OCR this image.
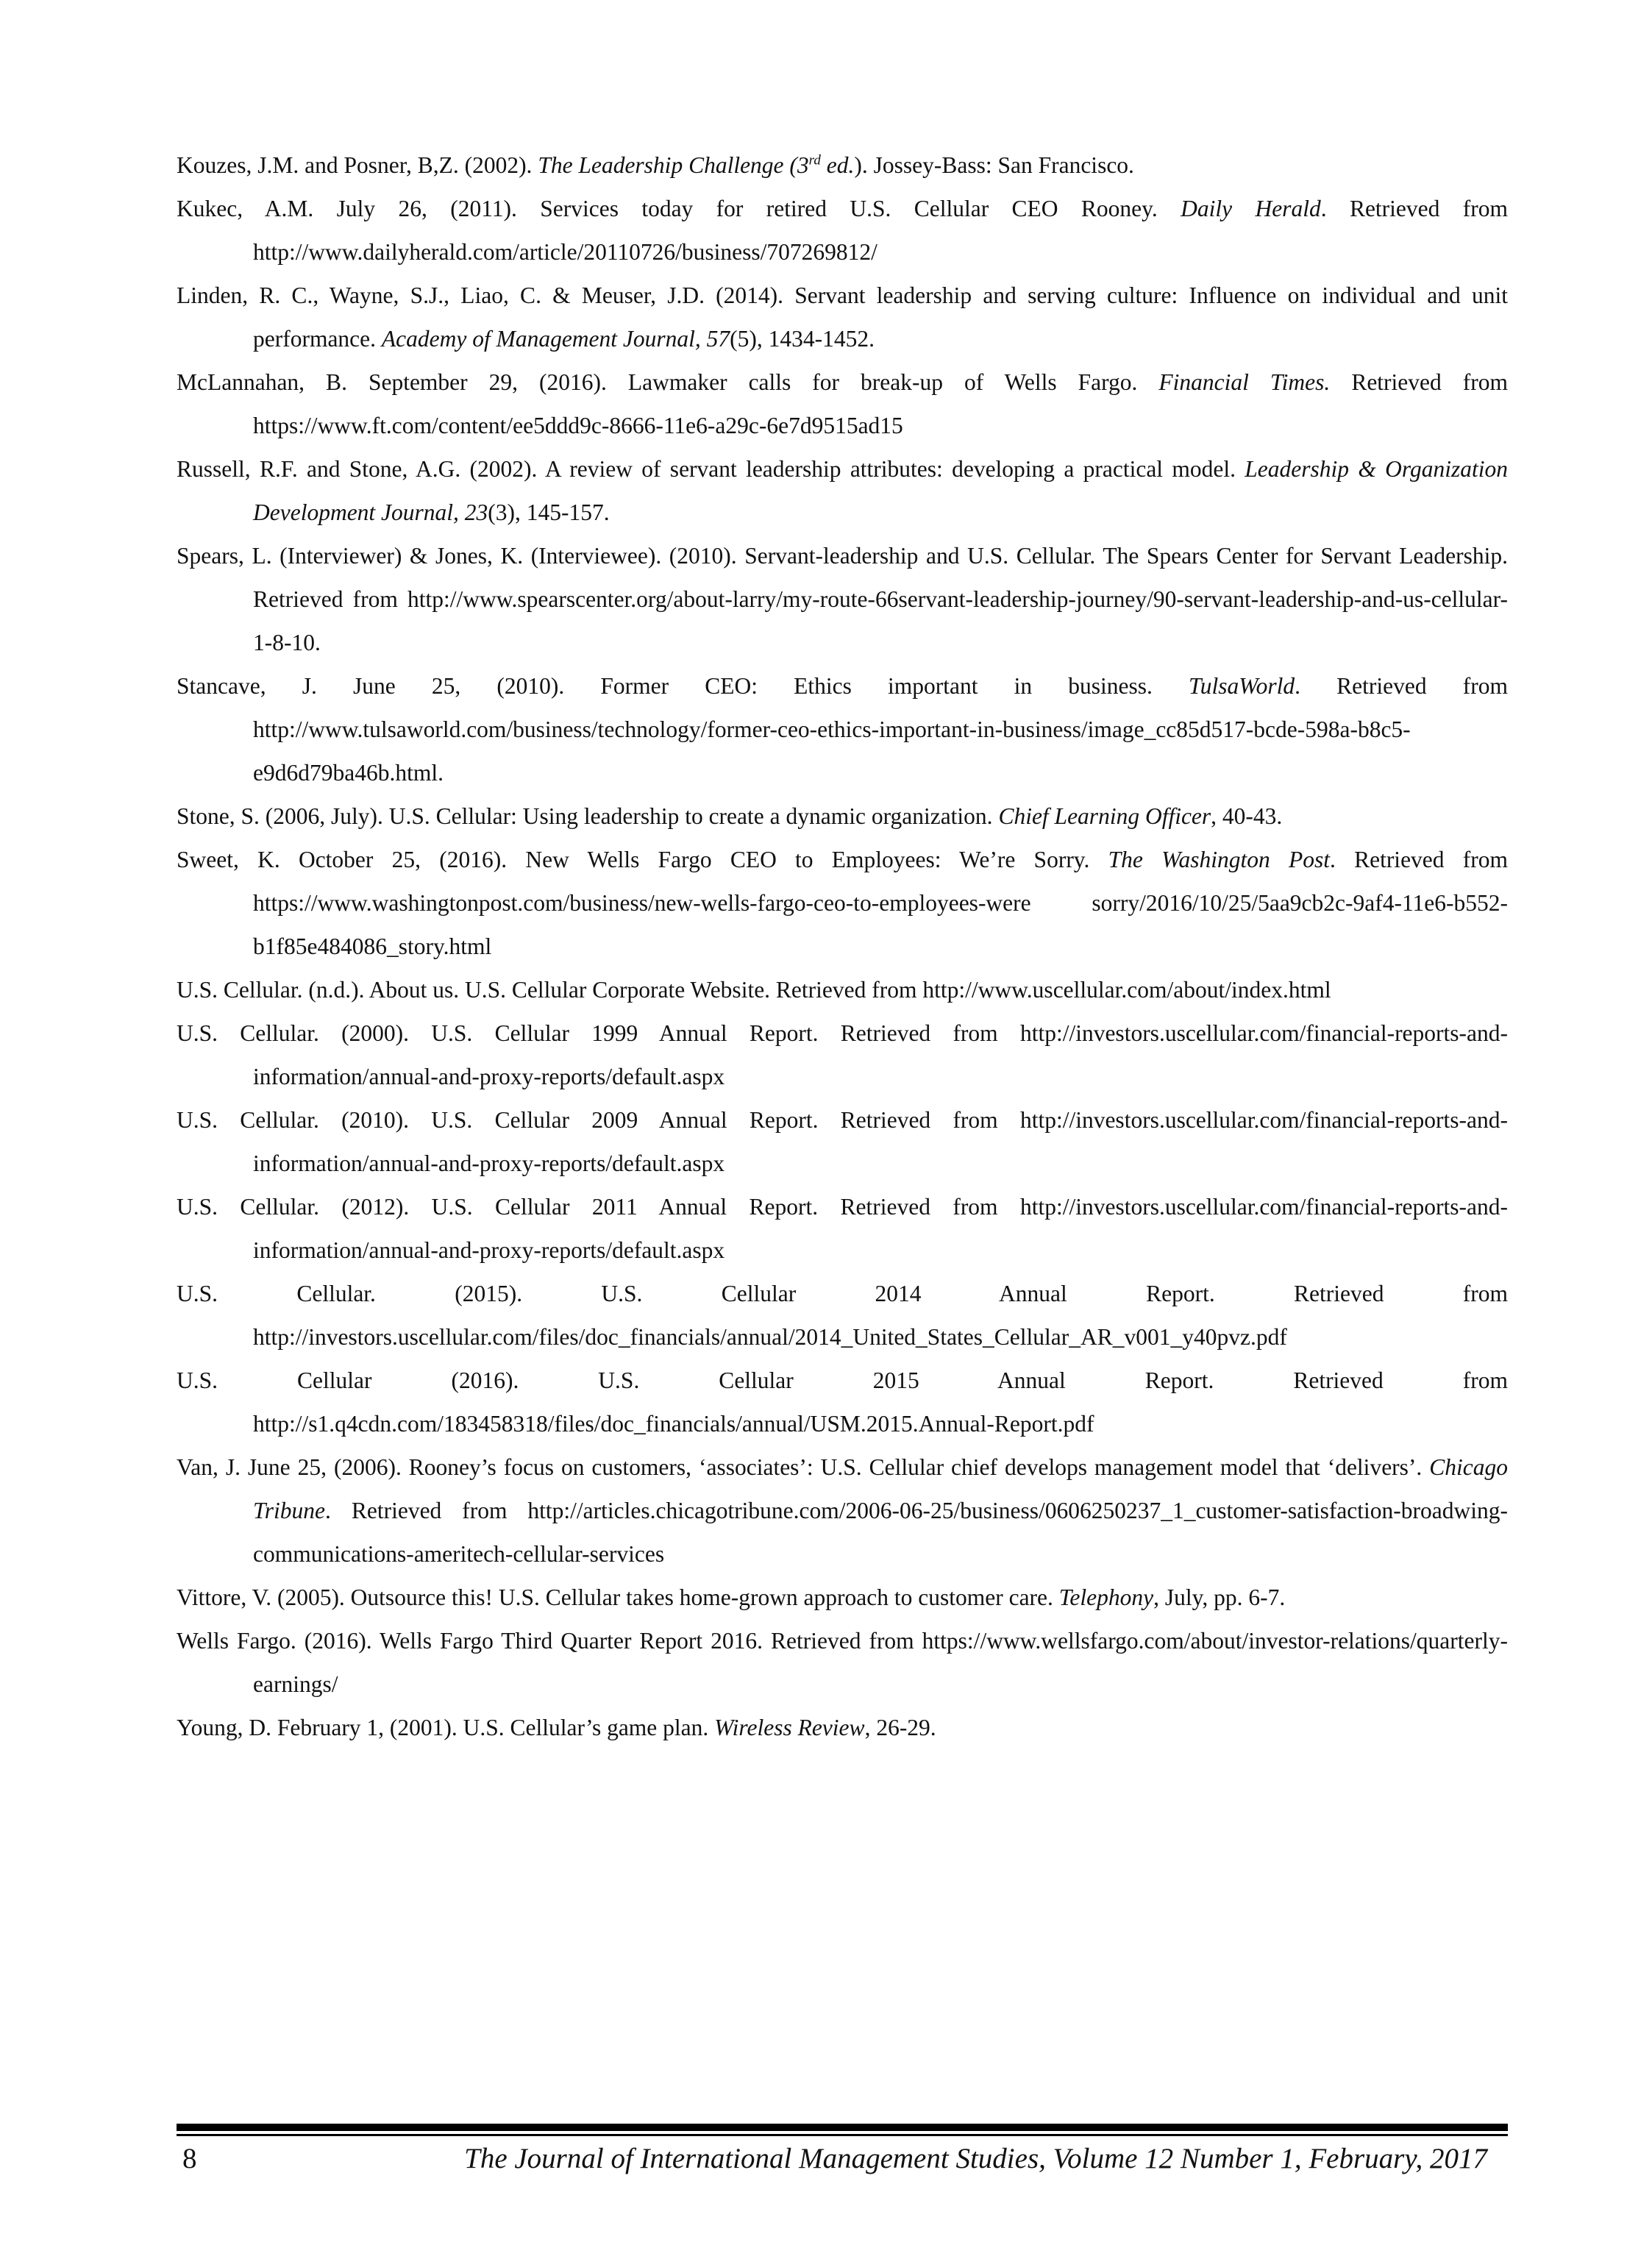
Kouzes, J.M. and Posner, B,Z. (2002). The Leadership Challenge (3rd ed.). Jossey-Bass: San Francisco.

Kukec, A.M. July 26, (2011). Services today for retired U.S. Cellular CEO Rooney. Daily Herald. Retrieved from http://www.dailyherald.com/article/20110726/business/707269812/

Linden, R. C., Wayne, S.J., Liao, C. & Meuser, J.D. (2014). Servant leadership and serving culture: Influence on individual and unit performance. Academy of Management Journal, 57(5), 1434-1452.

McLannahan, B. September 29, (2016). Lawmaker calls for break-up of Wells Fargo. Financial Times. Retrieved from https://www.ft.com/content/ee5ddd9c-8666-11e6-a29c-6e7d9515ad15

Russell, R.F. and Stone, A.G. (2002). A review of servant leadership attributes: developing a practical model. Leadership & Organization Development Journal, 23(3), 145-157.

Spears, L. (Interviewer) & Jones, K. (Interviewee). (2010). Servant-leadership and U.S. Cellular. The Spears Center for Servant Leadership. Retrieved from http://www.spearscenter.org/about-larry/my-route-66servant-leadership-journey/90-servant-leadership-and-us-cellular-1-8-10.

Stancave, J. June 25, (2010). Former CEO: Ethics important in business. TulsaWorld. Retrieved from http://www.tulsaworld.com/business/technology/former-ceo-ethics-important-in-business/image_cc85d517-bcde-598a-b8c5-e9d6d79ba46b.html.

Stone, S. (2006, July). U.S. Cellular: Using leadership to create a dynamic organization. Chief Learning Officer, 40-43.

Sweet, K. October 25, (2016). New Wells Fargo CEO to Employees: We’re Sorry. The Washington Post. Retrieved from https://www.washingtonpost.com/business/new-wells-fargo-ceo-to-employees-were sorry/2016/10/25/5aa9cb2c-9af4-11e6-b552-b1f85e484086_story.html

U.S. Cellular. (n.d.). About us. U.S. Cellular Corporate Website. Retrieved from http://www.uscellular.com/about/index.html

U.S. Cellular. (2000). U.S. Cellular 1999 Annual Report. Retrieved from http://investors.uscellular.com/financial-reports-and-information/annual-and-proxy-reports/default.aspx

U.S. Cellular. (2010). U.S. Cellular 2009 Annual Report. Retrieved from http://investors.uscellular.com/financial-reports-and-information/annual-and-proxy-reports/default.aspx

U.S. Cellular. (2012). U.S. Cellular 2011 Annual Report. Retrieved from http://investors.uscellular.com/financial-reports-and-information/annual-and-proxy-reports/default.aspx

U.S. Cellular. (2015). U.S. Cellular 2014 Annual Report. Retrieved from http://investors.uscellular.com/files/doc_financials/annual/2014_United_States_Cellular_AR_v001_y40pvz.pdf

U.S. Cellular (2016). U.S. Cellular 2015 Annual Report. Retrieved from http://s1.q4cdn.com/183458318/files/doc_financials/annual/USM.2015.Annual-Report.pdf

Van, J. June 25, (2006). Rooney’s focus on customers, ‘associates’: U.S. Cellular chief develops management model that ‘delivers’. Chicago Tribune. Retrieved from http://articles.chicagotribune.com/2006-06-25/business/0606250237_1_customer-satisfaction-broadwing-communications-ameritech-cellular-services

Vittore, V. (2005). Outsource this! U.S. Cellular takes home-grown approach to customer care. Telephony, July, pp. 6-7.

Wells Fargo. (2016). Wells Fargo Third Quarter Report 2016. Retrieved from https://www.wellsfargo.com/about/investor-relations/quarterly-earnings/

Young, D. February 1, (2001). U.S. Cellular’s game plan. Wireless Review, 26-29.

8	The Journal of International Management Studies, Volume 12 Number 1, February, 2017
